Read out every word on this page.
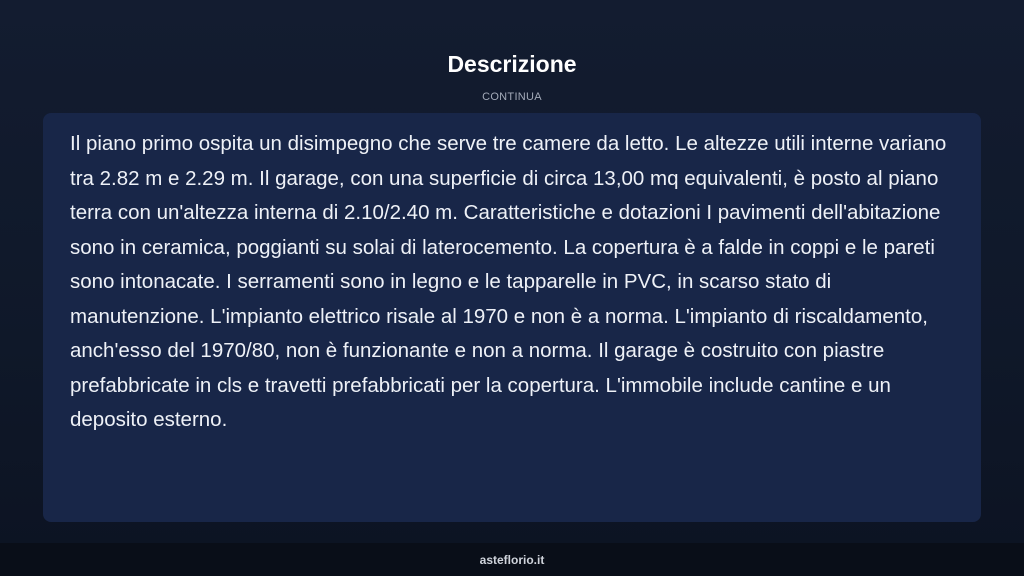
Descrizione
CONTINUA

Il piano primo ospita un disimpegno che serve tre camere da letto. Le altezze utili interne variano tra 2.82 m e 2.29 m. Il garage, con una superficie di circa 13,00 mq equivalenti, è posto al piano terra con un'altezza interna di 2.10/2.40 m. Caratteristiche e dotazioni I pavimenti dell'abitazione sono in ceramica, poggianti su solai di laterocemento. La copertura è a falde in coppi e le pareti sono intonacate. I serramenti sono in legno e le tapparelle in PVC, in scarso stato di manutenzione. L'impianto elettrico risale al 1970 e non è a norma. L'impianto di riscaldamento, anch'esso del 1970/80, non è funzionante e non a norma. Il garage è costruito con piastre prefabbricate in cls e travetti prefabbricati per la copertura. L'immobile include cantine e un deposito esterno.

asteflorio.it
